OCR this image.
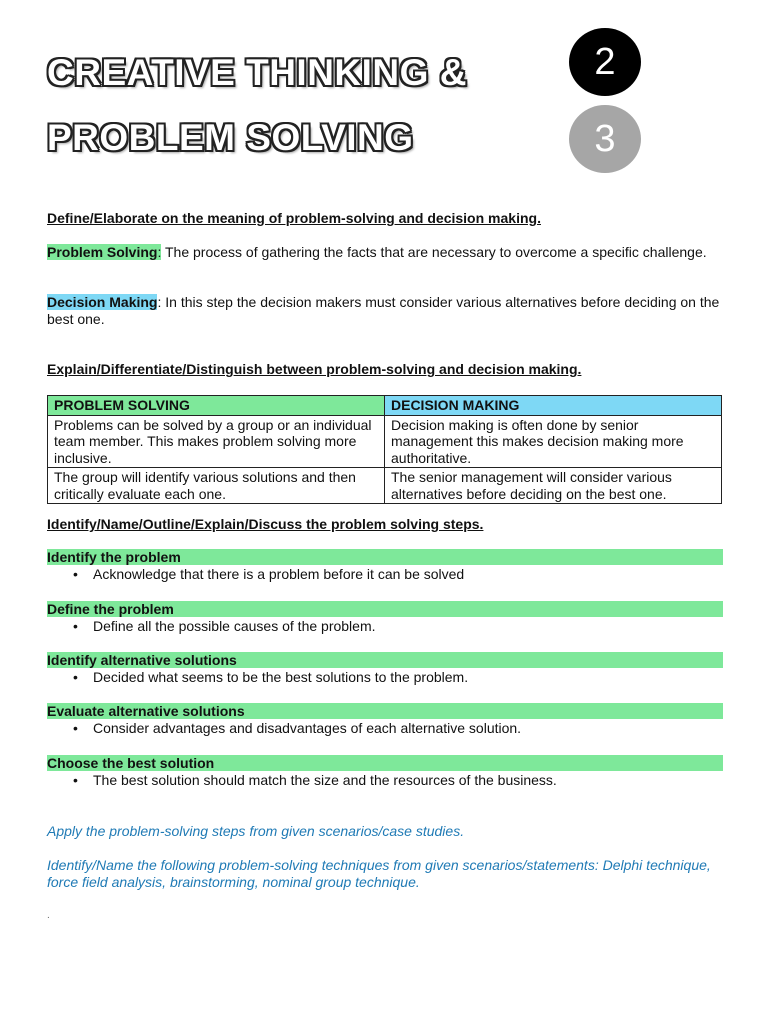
CREATIVE THINKING &
PROBLEM SOLVING
2
3

Define/Elaborate on the meaning of problem-solving and decision making.

Problem Solving: The process of gathering the facts that are necessary to overcome a specific challenge.

Decision Making: In this step the decision makers must consider various alternatives before deciding on the best one.

Explain/Differentiate/Distinguish between problem-solving and decision making.

PROBLEM SOLVING	DECISION MAKING
Problems can be solved by a group or an individual team member. This makes problem solving more inclusive.	Decision making is often done by senior management this makes decision making more authoritative.
The group will identify various solutions and then critically evaluate each one.	The senior management will consider various alternatives before deciding on the best one.

Identify/Name/Outline/Explain/Discuss the problem solving steps.

Identify the problem

• Acknowledge that there is a problem before it can be solved

Define the problem

• Define all the possible causes of the problem.

Identify alternative solutions

• Decided what seems to be the best solutions to the problem.

Evaluate alternative solutions

• Consider advantages and disadvantages of each alternative solution.

Choose the best solution

• The best solution should match the size and the resources of the business.

Apply the problem-solving steps from given scenarios/case studies.

Identify/Name the following problem-solving techniques from given scenarios/statements: Delphi technique, force field analysis, brainstorming, nominal group technique.

.
